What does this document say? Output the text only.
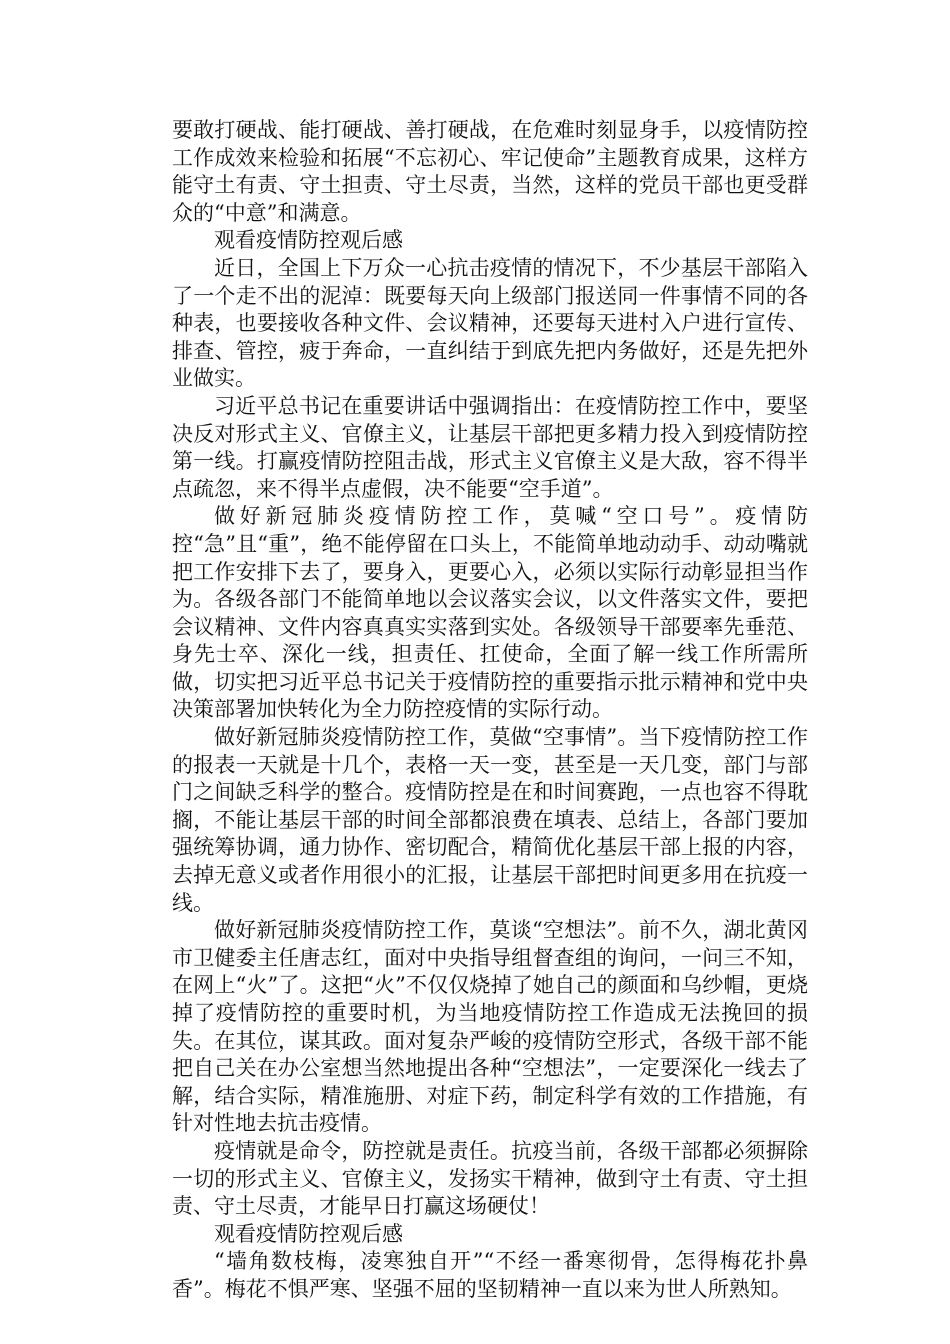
要敢打硬战、能打硬战、善打硬战，在危难时刻显身手，以疫情防控工作成效来检验和拓展“不忘初心、牢记使命”主题教育成果，这样方能守土有责、守土担责、守土尽责，当然，这样的党员干部也更受群众的“中意”和满意。

观看疫情防控观后感

近日，全国上下万众一心抗击疫情的情况下，不少基层干部陷入了一个走不出的泥淖：既要每天向上级部门报送同一件事情不同的各种表，也要接收各种文件、会议精神，还要每天进村入户进行宣传、排查、管控，疲于奔命，一直纠结于到底先把内务做好，还是先把外业做实。

习近平总书记在重要讲话中强调指出：在疫情防控工作中，要坚决反对形式主义、官僚主义，让基层干部把更多精力投入到疫情防控第一线。打赢疫情防控阻击战，形式主义官僚主义是大敌，容不得半点疏忽，来不得半点虚假，决不能要“空手道”。

做好新冠肺炎疫情防控工作，莫喊“空口号”。疫情防控“急”且“重”，绝不能停留在口头上，不能简单地动动手、动动嘴就把工作安排下去了，要身入，更要心入，必须以实际行动彰显担当作为。各级各部门不能简单地以会议落实会议，以文件落实文件，要把会议精神、文件内容真真实实落到实处。各级领导干部要率先垂范、身先士卒、深化一线，担责任、扛使命，全面了解一线工作所需所做，切实把习近平总书记关于疫情防控的重要指示批示精神和党中央决策部署加快转化为全力防控疫情的实际行动。

做好新冠肺炎疫情防控工作，莫做“空事情”。当下疫情防控工作的报表一天就是十几个，表格一天一变，甚至是一天几变，部门与部门之间缺乏科学的整合。疫情防控是在和时间赛跑，一点也容不得耽搁，不能让基层干部的时间全部都浪费在填表、总结上，各部门要加强统筹协调，通力协作、密切配合，精简优化基层干部上报的内容，去掉无意义或者作用很小的汇报，让基层干部把时间更多用在抗疫一线。

做好新冠肺炎疫情防控工作，莫谈“空想法”。前不久，湖北黄冈市卫健委主任唐志红，面对中央指导组督查组的询问，一问三不知，在网上“火”了。这把“火”不仅仅烧掉了她自己的颜面和乌纱帽，更烧掉了疫情防控的重要时机，为当地疫情防控工作造成无法挽回的损失。在其位，谋其政。面对复杂严峻的疫情防空形式，各级干部不能把自己关在办公室想当然地提出各种“空想法”，一定要深化一线去了解，结合实际，精准施册、对症下药，制定科学有效的工作措施，有针对性地去抗击疫情。

疫情就是命令，防控就是责任。抗疫当前，各级干部都必须摒除一切的形式主义、官僚主义，发扬实干精神，做到守土有责、守土担责、守土尽责，才能早日打赢这场硬仗！

观看疫情防控观后感

“墙角数枝梅，凌寒独自开”“不经一番寒彻骨，怎得梅花扑鼻香”。梅花不惧严寒、坚强不屈的坚韧精神一直以来为世人所熟知。
